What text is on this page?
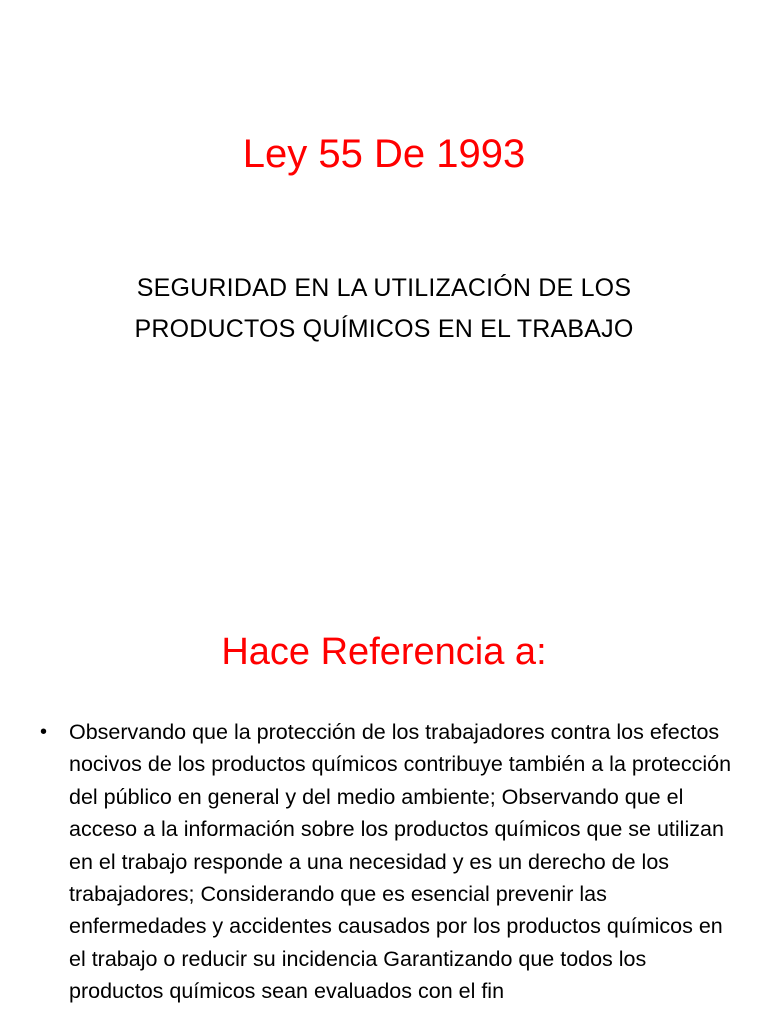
Ley 55 De 1993
SEGURIDAD EN LA UTILIZACIÓN DE LOS PRODUCTOS QUÍMICOS EN EL TRABAJO
Hace Referencia a:
• Observando que la protección de los trabajadores contra los efectos nocivos de los productos químicos contribuye también a la protección del público en general y del medio ambiente; Observando que el acceso a la información sobre los productos químicos que se utilizan en el trabajo responde a una necesidad y es un derecho de los trabajadores; Considerando que es esencial prevenir las enfermedades y accidentes causados por los productos químicos en el trabajo o reducir su incidencia Garantizando que todos los productos químicos sean evaluados con el fin
